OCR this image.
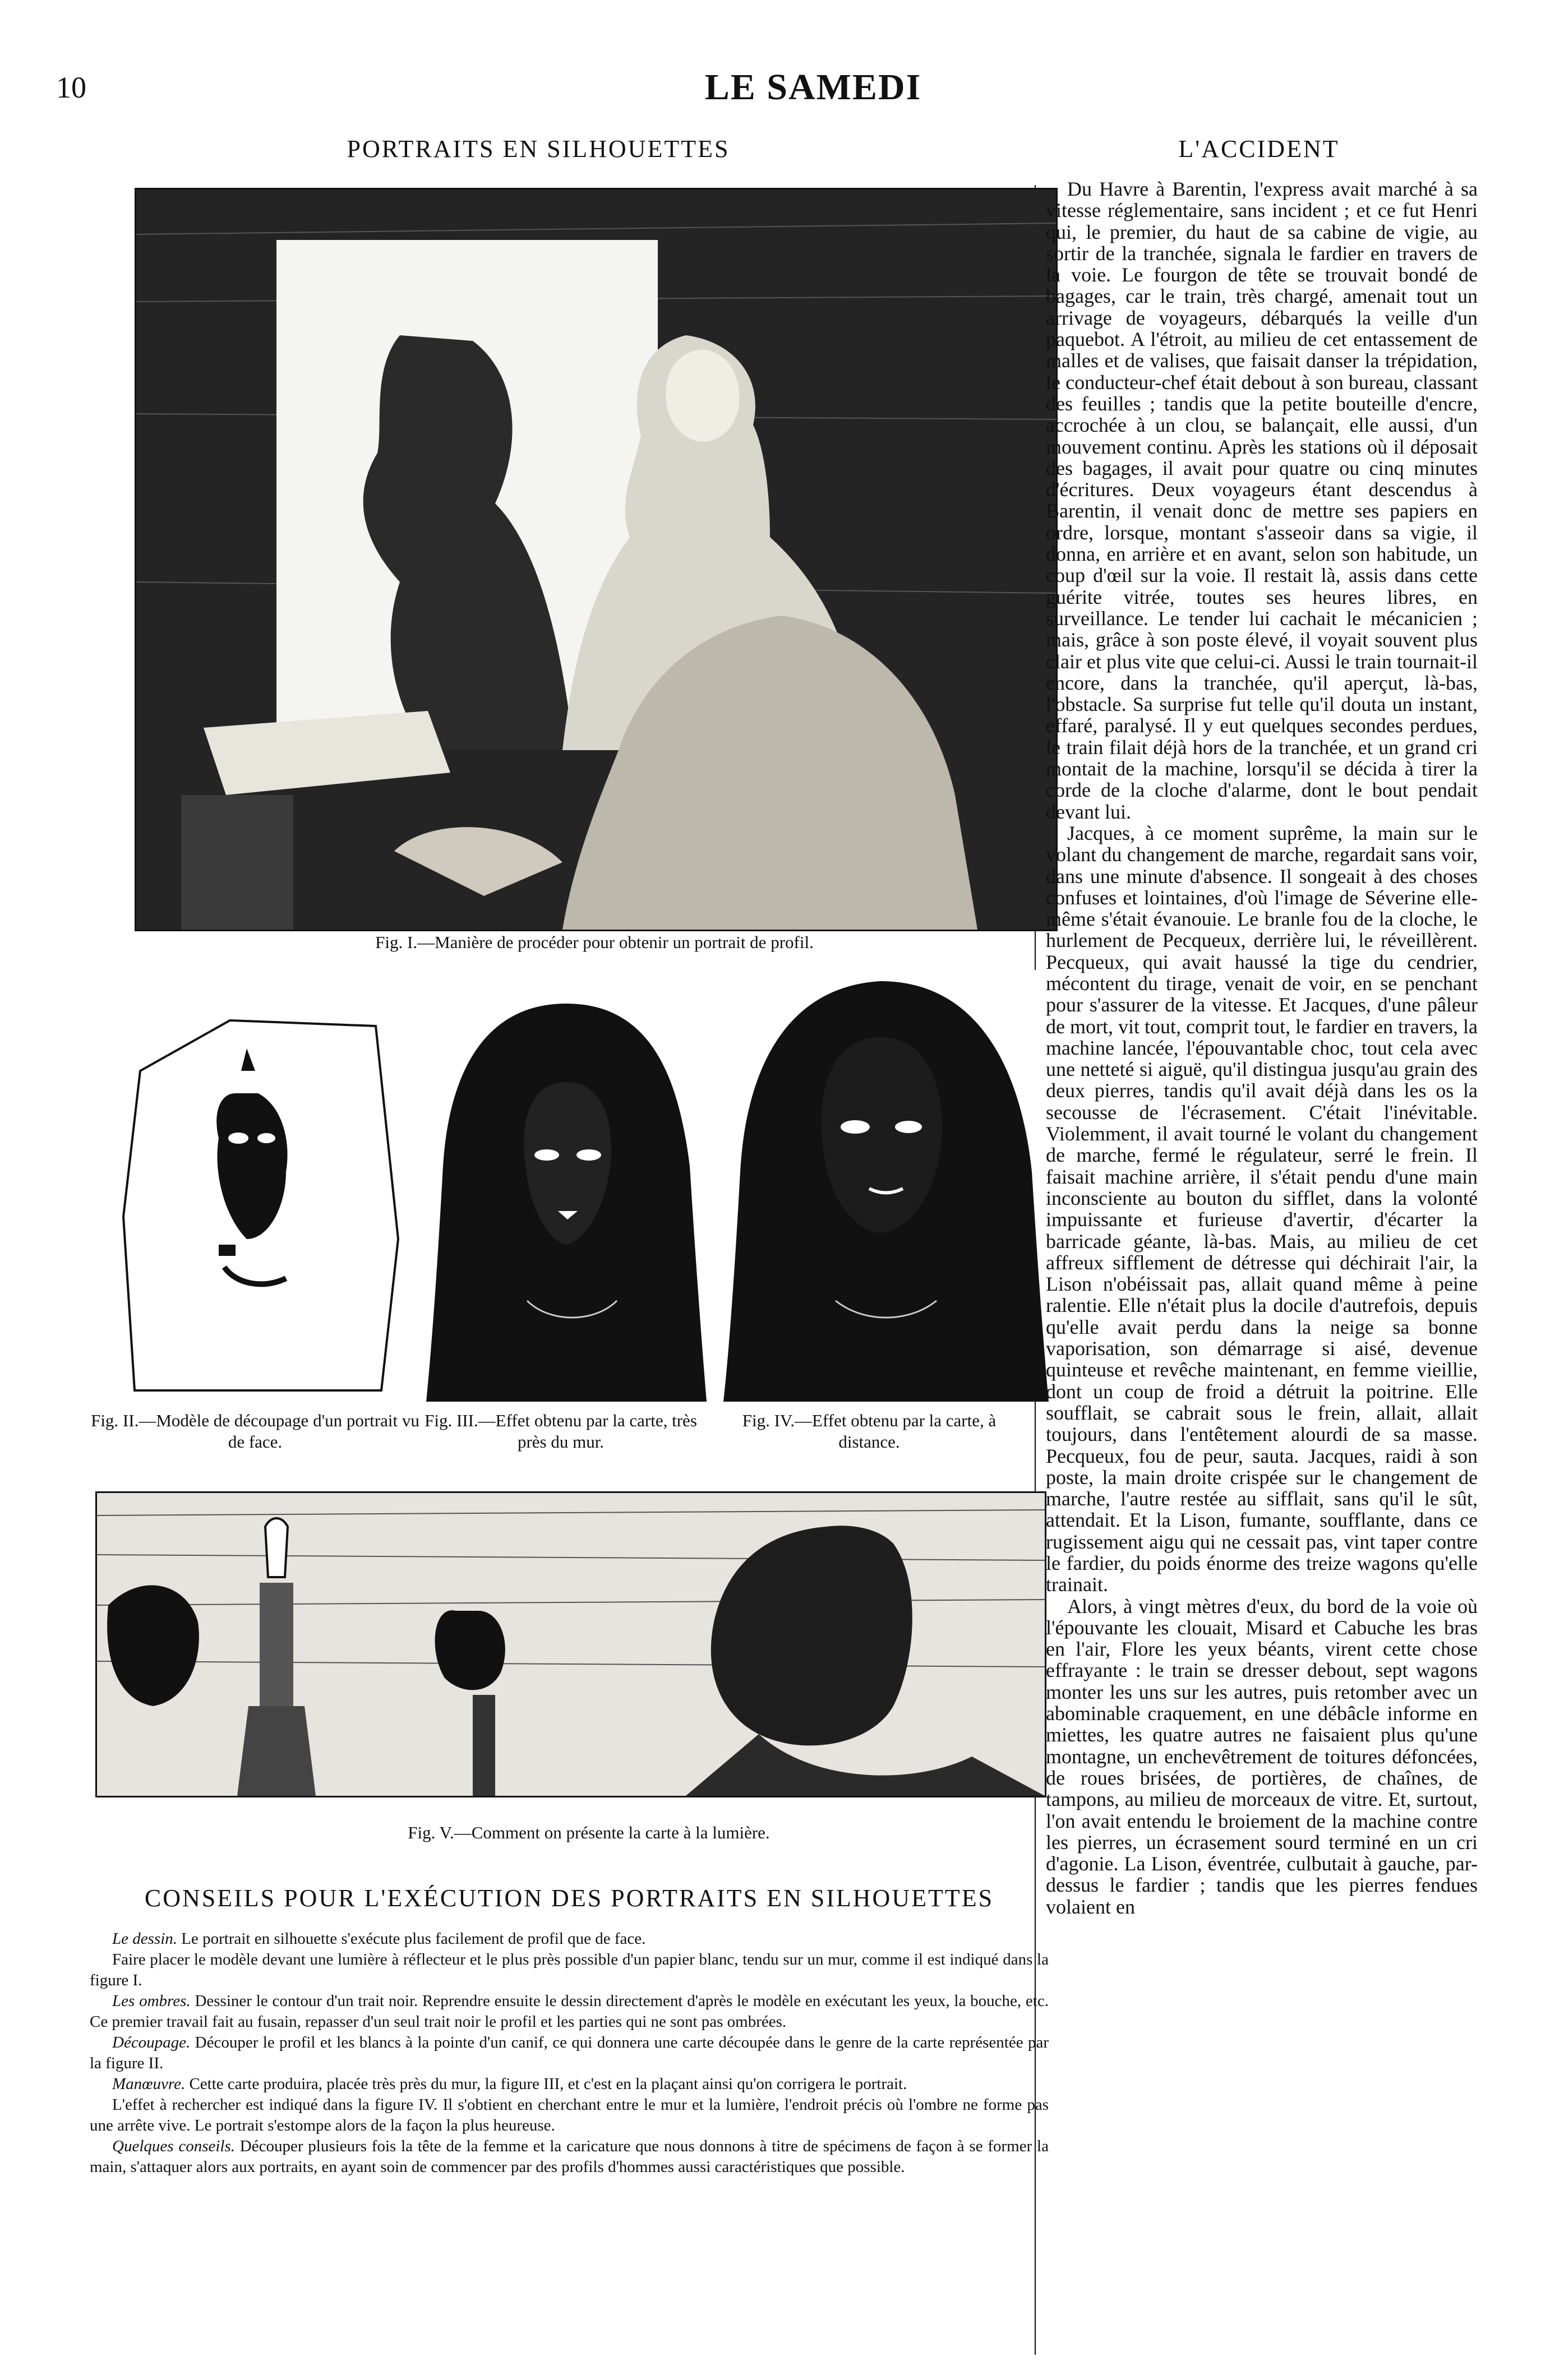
10	LE SAMEDI
PORTRAITS EN SILHOUETTES	L'ACCIDENT
Fig. I.—Manière de procéder pour obtenir un portrait de profil.
Fig. II.—Modèle de découpage d'un portrait vu de face.
Fig. III.—Effet obtenu par la carte, très près du mur.
Fig. IV.—Effet obtenu par la carte, à distance.
Fig. V.—Comment on présente la carte à la lumière.
CONSEILS POUR L'EXÉCUTION DES PORTRAITS EN SILHOUETTES

Le dessin. Le portrait en silhouette s'exécute plus facilement de profil que de face.

Faire placer le modèle devant une lumière à réflecteur et le plus près possible d'un papier blanc, tendu sur un mur, comme il est indiqué dans la figure I.

Les ombres. Dessiner le contour d'un trait noir. Reprendre ensuite le dessin directement d'après le modèle en exécutant les yeux, la bouche, etc. Ce premier travail fait au fusain, repasser d'un seul trait noir le profil et les parties qui ne sont pas ombrées.

Découpage. Découper le profil et les blancs à la pointe d'un canif, ce qui donnera une carte découpée dans le genre de la carte représentée par la figure II.

Manœuvre. Cette carte produira, placée très près du mur, la figure III, et c'est en la plaçant ainsi qu'on corrigera le portrait.

L'effet à rechercher est indiqué dans la figure IV. Il s'obtient en cherchant entre le mur et la lumière, l'endroit précis où l'ombre ne forme pas une arrête vive. Le portrait s'estompe alors de la façon la plus heureuse.

Quelques conseils. Découper plusieurs fois la tête de la femme et la caricature que nous donnons à titre de spécimens de façon à se former la main, s'attaquer alors aux portraits, en ayant soin de commencer par des profils d'hommes aussi caractéristiques que possible.

Du Havre à Barentin, l'express avait marché à sa vitesse réglementaire, sans incident ; et ce fut Henri qui, le premier, du haut de sa cabine de vigie, au sortir de la tranchée, signala le fardier en travers de la voie. Le fourgon de tête se trouvait bondé de bagages, car le train, très chargé, amenait tout un arrivage de voyageurs, débarqués la veille d'un paquebot. A l'étroit, au milieu de cet entassement de malles et de valises, que faisait danser la trépidation, le conducteur-chef était debout à son bureau, classant des feuilles ; tandis que la petite bouteille d'encre, accrochée à un clou, se balançait, elle aussi, d'un mouvement continu. Après les stations où il déposait des bagages, il avait pour quatre ou cinq minutes d'écritures. Deux voyageurs étant descendus à Barentin, il venait donc de mettre ses papiers en ordre, lorsque, montant s'asseoir dans sa vigie, il donna, en arrière et en avant, selon son habitude, un coup d'œil sur la voie. Il restait là, assis dans cette guérite vitrée, toutes ses heures libres, en surveillance. Le tender lui cachait le mécanicien ; mais, grâce à son poste élevé, il voyait souvent plus clair et plus vite que celui-ci. Aussi le train tournait-il encore, dans la tranchée, qu'il aperçut, là-bas, l'obstacle. Sa surprise fut telle qu'il douta un instant, effaré, paralysé. Il y eut quelques secondes perdues, le train filait déjà hors de la tranchée, et un grand cri montait de la machine, lorsqu'il se décida à tirer la corde de la cloche d'alarme, dont le bout pendait devant lui.

Jacques, à ce moment suprême, la main sur le volant du changement de marche, regardait sans voir, dans une minute d'absence. Il songeait à des choses confuses et lointaines, d'où l'image de Séverine elle-même s'était évanouie. Le branle fou de la cloche, le hurlement de Pecqueux, derrière lui, le réveillèrent. Pecqueux, qui avait haussé la tige du cendrier, mécontent du tirage, venait de voir, en se penchant pour s'assurer de la vitesse. Et Jacques, d'une pâleur de mort, vit tout, comprit tout, le fardier en travers, la machine lancée, l'épouvantable choc, tout cela avec une netteté si aiguë, qu'il distingua jusqu'au grain des deux pierres, tandis qu'il avait déjà dans les os la secousse de l'écrasement. C'était l'inévitable. Violemment, il avait tourné le volant du changement de marche, fermé le régulateur, serré le frein. Il faisait machine arrière, il s'était pendu d'une main inconsciente au bouton du sifflet, dans la volonté impuissante et furieuse d'avertir, d'écarter la barricade géante, là-bas. Mais, au milieu de cet affreux sifflement de détresse qui déchirait l'air, la Lison n'obéissait pas, allait quand même à peine ralentie. Elle n'était plus la docile d'autrefois, depuis qu'elle avait perdu dans la neige sa bonne vaporisation, son démarrage si aisé, devenue quinteuse et revêche maintenant, en femme vieillie, dont un coup de froid a détruit la poitrine. Elle soufflait, se cabrait sous le frein, allait, allait toujours, dans l'entêtement alourdi de sa masse. Pecqueux, fou de peur, sauta. Jacques, raidi à son poste, la main droite crispée sur le changement de marche, l'autre restée au sifflait, sans qu'il le sût, attendait. Et la Lison, fumante, soufflante, dans ce rugissement aigu qui ne cessait pas, vint taper contre le fardier, du poids énorme des treize wagons qu'elle trainait.

Alors, à vingt mètres d'eux, du bord de la voie où l'épouvante les clouait, Misard et Cabuche les bras en l'air, Flore les yeux béants, virent cette chose effrayante : le train se dresser debout, sept wagons monter les uns sur les autres, puis retomber avec un abominable craquement, en une débâcle informe en miettes, les quatre autres ne faisaient plus qu'une montagne, un enchevêtrement de toitures défoncées, de roues brisées, de portières, de chaînes, de tampons, au milieu de morceaux de vitre. Et, surtout, l'on avait entendu le broiement de la machine contre les pierres, un écrasement sourd terminé en un cri d'agonie. La Lison, éventrée, culbutait à gauche, par-dessus le fardier ; tandis que les pierres fendues volaient en
